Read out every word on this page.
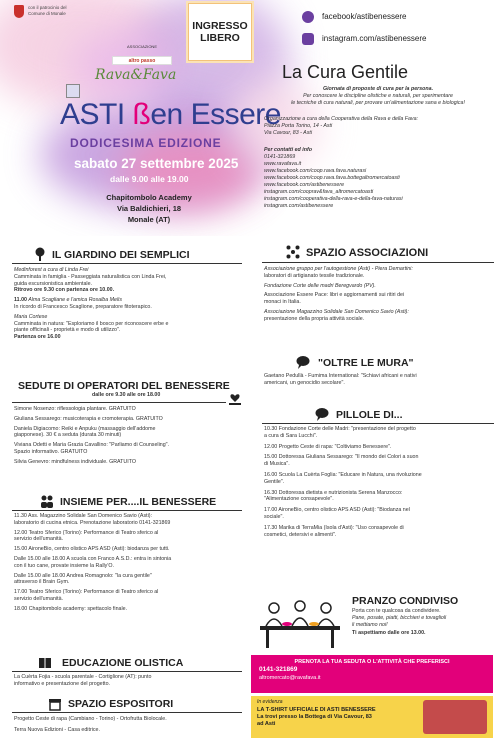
con il patrocinio del Comune di Monale
INGRESSO
LIBERO
facebook/astibenessere
instagram.com/astibenessere
ASSOCIAZIONE
altro passo
Rava&Fava
ASTI ßen Essere
DODICESIMA EDIZIONE
sabato 27 settembre 2025
dalle 9.00 alle 19.00
Chapitombolo Academy
Via Baldichieri, 18
Monale (AT)
La Cura Gentile
Giornata di proposte di cura per la persona.
Per conoscere le discipline olistiche e naturali, per sperimentare
le tecniche di cura naturali, per provare un'alimentazione sana e biologica!
Organizzazione a cura della Cooperativa della Rava e della Fava:
Piazza Porta Torino, 14 - Asti
Via Cavour, 83 - Asti
Per contatti ed info
0141-321869
www.ravafava.it
www.facebook.com/coop.rava.fava.naturasi
www.facebook.com/coop.rava.fava.bottegaltromercatoasti
www.facebook.com/astibenessere
instagram.com/cooprav&fava_altromercatoasti
instagram.com/cooperativa-della-rava-e-della-fava-naturasi
instagram.com/astibenessere
IL GIARDINO DEI SEMPLICI
Medinforest a cura di Linda Frei
Camminata in famiglia - Passeggiata naturalistica con Linda Frei,
guida escursionistica ambientale.
Ritrovo ore 9.30 con partenza ore 10.00.
11.00 Alma Scagliane e l'amica Rosalba Melis
In ricordo di Francesco Scaglione, preparatore fitoterapico.
Maria Cortese
Camminata in natura: "Esploriamo il bosco per riconoscere erbe e
piante officinali - proprietà e modo di utilizzo".
Partenza ore 16.00
SEDUTE DI OPERATORI DEL BENESSERE
dalle ore 9.30 alle ore 18.00
Simone Nosenzo: riflessologia plantare. GRATUITO
Giuliana Sessarego: musicoterapia e cromoterapia. GRATUITO
Daniela Digiacomo: Reiki e Anpuku (massaggio dell'addome
giapponese). 30 € a seduta (durata 30 minuti)
Viviana Odetti e Maria Grazia Cavallino: "Parliamo di Counseling".
Spazio informativo. GRATUITO
Silvia Genevro: mindfulness individuale. GRATUITO
INSIEME PER....IL BENESSERE
11.30 Ass. Magazzino Solidale San Domenico Savio (Asti):
laboratorio di cucina etnica. Prenotazione laboratorio 0141-321869
12.00 Teatro Sferico (Torino): Performance di Teatro sferico al
servizio dell'umanità.
15.00 AironeBio, centro olistico APS ASD (Asti): biodanza per tutti.
Dalle 15.00 alle 18.00 A scuola con Franco A.S.D.: entra in sintonia
con il tuo cane, provate insieme la Rally'O.
Dalle 15.00 alle 18.00 Andrea Romagnolo: "la cura gentile"
attraverso il Brain Gym.
17.00 Teatro Sferico (Torino): Performance di Teatro sferico al
servizio dell'umanità.
18.00 Chapitombolo academy: spettacolo finale.
EDUCAZIONE OLISTICA
La Cuèrta Fojia - scuola parentale - Cortiglione (AT): punto
informativo e presentazione del progetto.
SPAZIO ESPOSITORI
Progetto Ceste di rapa (Cambiano - Torino) - Ortofrutta Biolocale.
Terra Nuova Edizioni - Casa editrice.
SPAZIO ASSOCIAZIONI
Associazione gruppo per l'autogestione (Asti) - Piera Demartini:
laboratori di artigianato tessile tradizionale.
Fondazione Corte delle madri Beregvardo (PV).
Associazione Essere Pace: libri e aggiornamenti sui ritiri dei
monaci in Italia.
Associazione Magazzino Solidale San Domenico Savio (Asti):
presentazione della propria attività sociale.
"OLTRE LE MURA"
Gaetano Pedullà - Fumima International: "Schiavi africani e nativi
americani, un genocidio secolare".
PILLOLE DI...
10.30 Fondazione Corte delle Madri: "presentazione del progetto
a cura di Sara Lucchi".
12.00 Progetto Ceste di rapa: "Coltiviamo Benessere".
15.00 Dottoressa Giuliana Sessarego: "Il mondo dei Colori a suon
di Musica".
16.00 Scuola La Cuèrta Foglia: "Educare in Natura, una rivoluzione
Gentile".
16.30 Dottoressa dietista e nutrizionista Serena Manzocco:
"Alimentazione consapevole".
17.00 AironeBio, centro olistico APS ASD (Asti): "Biodanza nel
sociale".
17.30 Marika di TerraMia (Isola d'Asti): "Uso consapevole di
cosmetici, detersivi e alimenti".
PRANZO CONDIVISO
Porta con te qualcosa da condividere.
Pane, posate, piatti, bicchieri e tovaglioli
li mettiamo noi!
Ti aspettiamo dalle ore 13.00.
PRENOTA LA TUA SEDUTA O L'ATTIVITÀ CHE PREFERISCI
0141-321869
altromercato@ravafava.it
In evidenza
LA T-SHIRT UFFICIALE DI ASTI BENESSERE
La trovi presso la Bottega di Via Cavour, 83
ad Asti
